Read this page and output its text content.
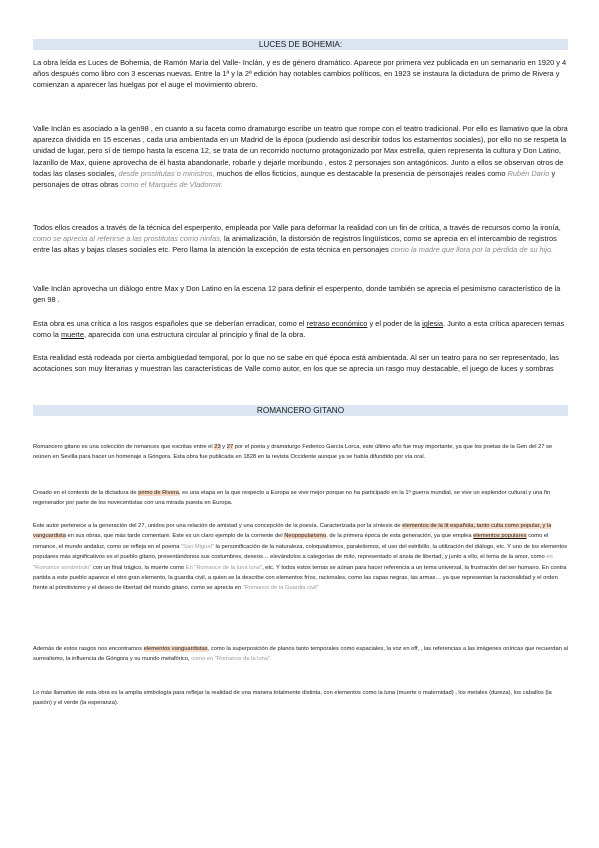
LUCES DE BOHEMIA:

La obra leída es Luces de Bohemia, de Ramón María del Valle- Inclán, y es de género dramático. Aparece por primera vez publicada en un semanario en 1920 y 4 años después como libro con 3 escenas nuevas. Entre la 1ª y la 2ª edición hay notables cambios políticos, en 1923 se instaura la dictadura de primo de Rivera y comienzan a aparecer las huelgas por el auge el movimiento obrero.

Valle Inclán es asociado a la gen98 , en cuanto a su faceta como dramaturgo escribe un teatro que rompe con el teatro tradicional. Por ello es llamativo que la obra aparezca dividida en 15 escenas , cada una ambientada en un Madrid de la época (pudiendo así describir todos los estamentos sociales), por ello no se respeta la unidad de lugar, pero sí de tiempo hasta la escena 12, se trata de un recorrido nocturno protagonizado por Max estrella, quien representa la cultura y Don Latino, lazarillo de Max, quiene aprovecha de él hasta abandonarle, robarle y dejarle moribundo , estos 2 personajes son antagónicos. Junto a ellos se observan otros de todas las clases sociales, desde prostitutas o ministros, muchos de ellos ficticios, aunque es destacable la presencia de personajes reales como Rubén Darío y personajes de otras obras como el Marqués de Vladormir.

Todos ellos creados a través de la técnica del esperpento, empleada por Valle para deformar la realidad con un fin de crítica, a través de recursos como la ironía, como se aprecia al referirse a las prostitutas como ninfas, la animalización, la distorsión de registros lingüísticos, como se aprecia en el intercambio de registros entre las altas y bajas clases sociales etc. Pero llama la atención la excepción de esta técnica en personajes como la madre que llora por la pérdida de su hijo.

Valle Inclán aprovecha un diálogo entre Max y Don Latino en la escena 12 para definir el esperpento, donde también se aprecia el pesimismo característico de la gen 98 .

Esta obra es una crítica a los rasgos españoles que se deberían erradicar, como el retraso económico y el poder de la iglesia. Junto a esta crítica aparecen temas como la muerte, aparecida con una estructura circular al principio y final de la obra.

Esta realidad está rodeada por cierta ambigüedad temporal, por lo que no se sabe en qué época está ambientada. Al ser un teatro para no ser representado, las acotaciones son muy literarias y muestran las características de Valle como autor, en los que se aprecia un rasgo muy destacable, el juego de luces y sombras

ROMANCERO GITANO

Romancero gitano es una colección de romances que escritas entre el 23 y 27 por el poeta y dramaturgo Federico García Lorca, este último año fue muy importante, ya que los poetas de la Gen del 27 se reúnen en Sevilla para hacer un homenaje a Góngora. Esta obra fue publicada en 1828 en la revista Occidente aunque ya se había difundido por vía oral.

Creado en el contexto de la dictadura de primo de Rivera, es una etapa en la que respecto a Europa se vive mejor porque no ha participado en la 1º guerra mundial, se vive un esplendor cultural y una fin regenerador por parte de los novecentistas con una mirada puesta en Europa.

Este autor pertenece a la generación del 27, unidos por una relación de amistad y una concepción de la poesía. Caracterizada por la síntesis de elementos de la lit española, tanto culta como popular, y la vanguardista en sus obras, que más tarde comentaré. Este es un claro ejemplo de la corriente del Neopopularismo, de la primera época de esta generación, ya que emplea elementos populares como el romance, el mundo andaluz, como se refleja en el poema "San Miguel" la personificación de la naturaleza, coloquialismos, paralelismos, el uso del estribillo, la utilización del diálogo, etc. Y uno de los elementos populares más significativos es el pueblo gitano, presentándonos sus costumbres, deseos… elevándolos a categorías de mito, representado el ansia de libertad, y junto a ello, el tema de la amor, como en "Romance sonámbulo" con un final trágico, la muerte como En "Romance de la luna luna", etc. Y todos estos temas se aúnan para hacer referencia a un tema universal, la frustración del ser humano. En contra partida a este pueblo aparece el otro gran elemento, la guardia civil, a quien se la describe con elementos fríos, racionales, como las capas negras, las armas… ya que representan la racionalidad y el orden frente al primitivismo y el deseo de libertad del mundo gitano, como se aprecia en "Romance de la Guardia civil"

Además de estos rasgos nos encontramos elementos vanguardistas, como la superposición de planos tanto temporales como espaciales, la voz en off, , las referencias a las imágenes oníricas que recuerdan al surrealismo, la influencia de Góngora y su mundo metafórico, como en "Romance de la luna".

Lo más llamativo de esta obra es la amplia simbología para reflejar la realidad de una manera totalmente distinta, con elementos como la luna (muerte o maternidad) , los metales (dureza), los caballos (la pasión) y el verde (la esperanza).
